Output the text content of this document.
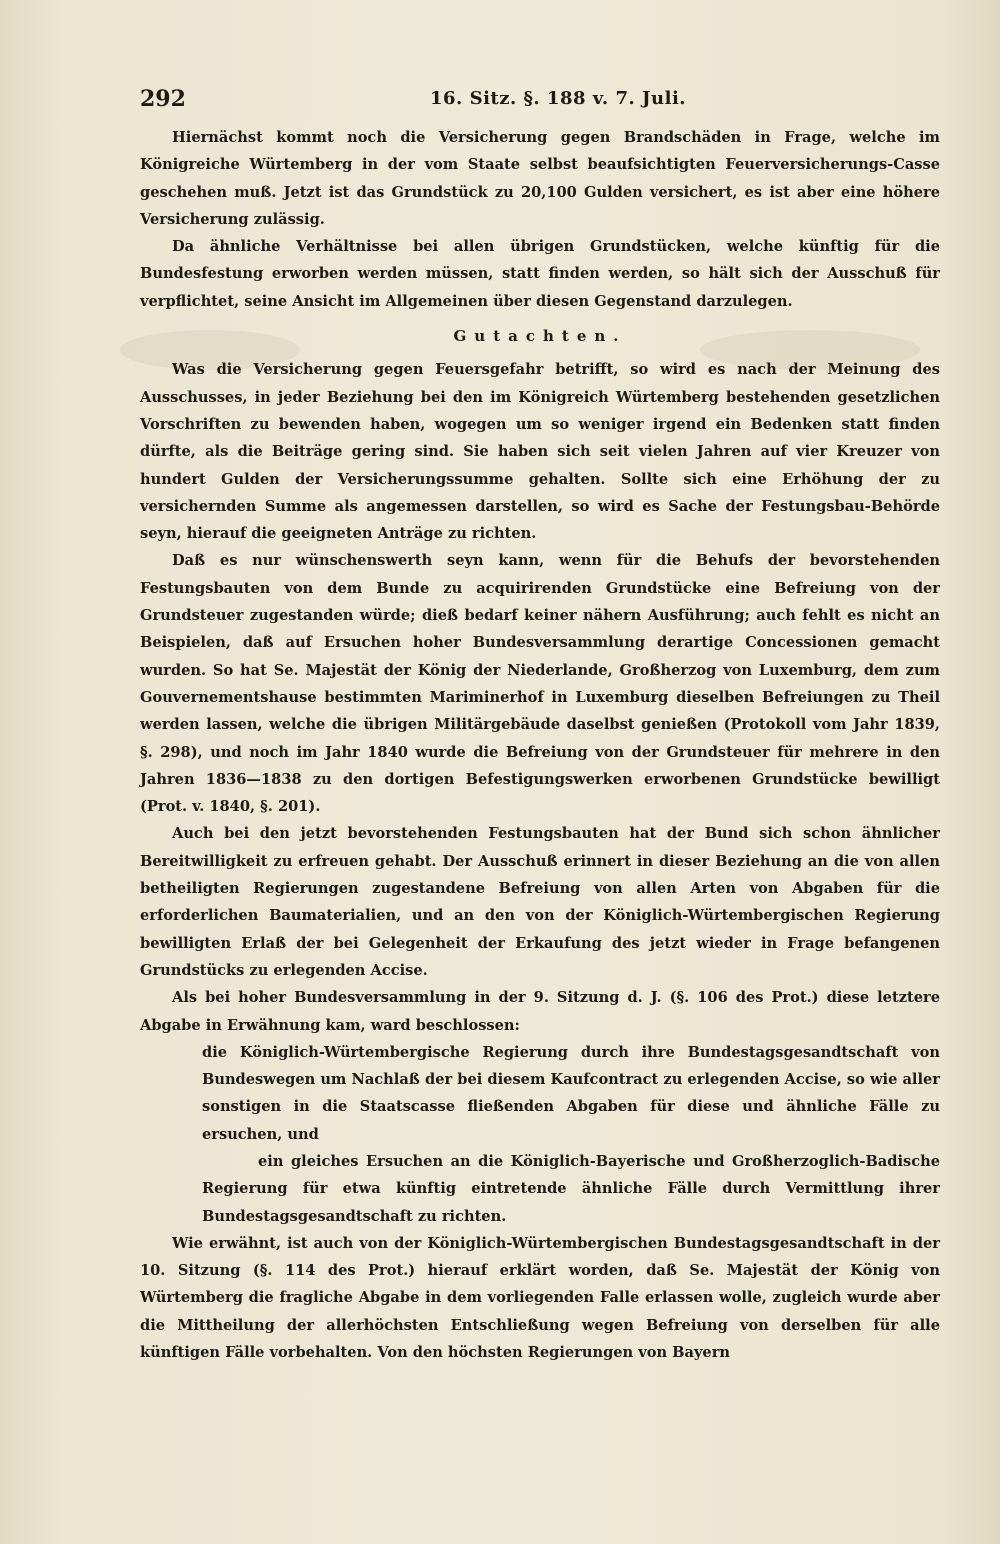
292	16. Sitz. §. 188 v. 7. Juli.

Hiernächst kommt noch die Versicherung gegen Brandschäden in Frage, welche im Königreiche Würtemberg in der vom Staate selbst beaufsichtigten Feuerversicherungs-Casse geschehen muß. Jetzt ist das Grundstück zu 20,100 Gulden versichert, es ist aber eine höhere Versicherung zulässig.

Da ähnliche Verhältnisse bei allen übrigen Grundstücken, welche künftig für die Bundesfestung erworben werden müssen, statt finden werden, so hält sich der Ausschuß für verpflichtet, seine Ansicht im Allgemeinen über diesen Gegenstand darzulegen.

Gutachten.

Was die Versicherung gegen Feuersgefahr betrifft, so wird es nach der Meinung des Ausschusses, in jeder Beziehung bei den im Königreich Würtemberg bestehenden gesetzlichen Vorschriften zu bewenden haben, wogegen um so weniger irgend ein Bedenken statt finden dürfte, als die Beiträge gering sind. Sie haben sich seit vielen Jahren auf vier Kreuzer von hundert Gulden der Versicherungssumme gehalten. Sollte sich eine Erhöhung der zu versichernden Summe als angemessen darstellen, so wird es Sache der Festungsbau-Behörde seyn, hierauf die geeigneten Anträge zu richten.

Daß es nur wünschenswerth seyn kann, wenn für die Behufs der bevorstehenden Festungsbauten von dem Bunde zu acquirirenden Grundstücke eine Befreiung von der Grundsteuer zugestanden würde; dieß bedarf keiner nähern Ausführung; auch fehlt es nicht an Beispielen, daß auf Ersuchen hoher Bundesversammlung derartige Concessionen gemacht wurden. So hat Se. Majestät der König der Niederlande, Großherzog von Luxemburg, dem zum Gouvernementshause bestimmten Mariminerhof in Luxemburg dieselben Befreiungen zu Theil werden lassen, welche die übrigen Militärgebäude daselbst genießen (Protokoll vom Jahr 1839, §. 298), und noch im Jahr 1840 wurde die Befreiung von der Grundsteuer für mehrere in den Jahren 1836—1838 zu den dortigen Befestigungswerken erworbenen Grundstücke bewilligt (Prot. v. 1840, §. 201).

Auch bei den jetzt bevorstehenden Festungsbauten hat der Bund sich schon ähnlicher Bereitwilligkeit zu erfreuen gehabt. Der Ausschuß erinnert in dieser Beziehung an die von allen betheiligten Regierungen zugestandene Befreiung von allen Arten von Abgaben für die erforderlichen Baumaterialien, und an den von der Königlich-Würtembergischen Regierung bewilligten Erlaß der bei Gelegenheit der Erkaufung des jetzt wieder in Frage befangenen Grundstücks zu erlegenden Accise.

Als bei hoher Bundesversammlung in der 9. Sitzung d. J. (§. 106 des Prot.) diese letztere Abgabe in Erwähnung kam, ward beschlossen:

die Königlich-Würtembergische Regierung durch ihre Bundestagsgesandtschaft von Bundeswegen um Nachlaß der bei diesem Kaufcontract zu erlegenden Accise, so wie aller sonstigen in die Staatscasse fließenden Abgaben für diese und ähnliche Fälle zu ersuchen, und

ein gleiches Ersuchen an die Königlich-Bayerische und Großherzoglich-Badische Regierung für etwa künftig eintretende ähnliche Fälle durch Vermittlung ihrer Bundestagsgesandtschaft zu richten.

Wie erwähnt, ist auch von der Königlich-Würtembergischen Bundestagsgesandtschaft in der 10. Sitzung (§. 114 des Prot.) hierauf erklärt worden, daß Se. Majestät der König von Würtemberg die fragliche Abgabe in dem vorliegenden Falle erlassen wolle, zugleich wurde aber die Mittheilung der allerhöchsten Entschließung wegen Befreiung von derselben für alle künftigen Fälle vorbehalten. Von den höchsten Regierungen von Bayern
